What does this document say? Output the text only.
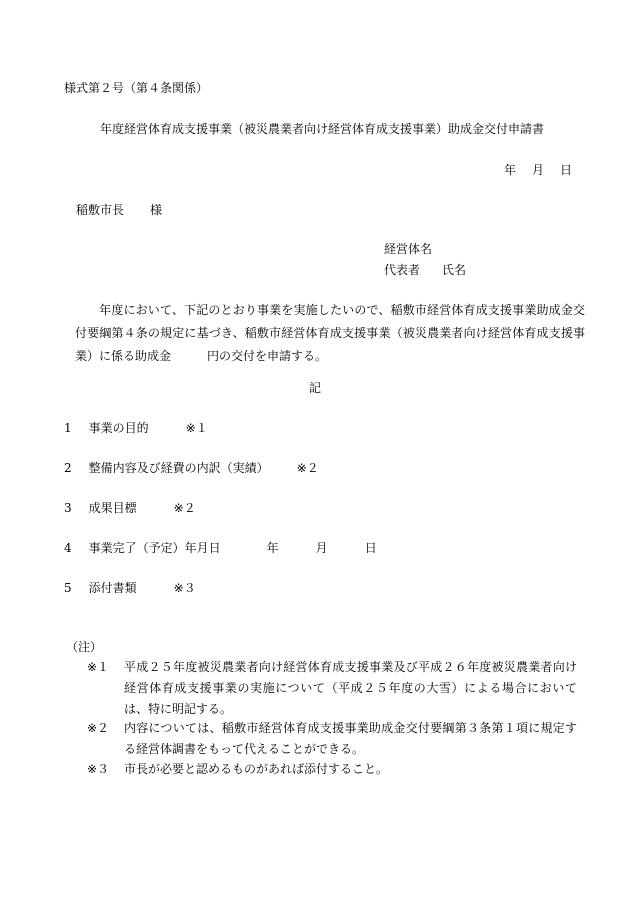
様式第２号（第４条関係）
年度経営体育成支援事業（被災農業者向け経営体育成支援事業）助成金交付申請書
年 月 日
稲敷市長 様
経営体名
代表者 氏名
年度において、下記のとおり事業を実施したいので、稲敷市経営体育成支援事業助成金交付要綱第４条の規定に基づき、稲敷市経営体育成支援事業（被災農業者向け経営体育成支援事業）に係る助成金	円の交付を申請する。
記
1 事業の目的	※１
2 整備内容及び経費の内訳（実績） ※２
3 成果目標	※２
4 事業完了（予定）年月日	年	月	日
5 添付書類	※３
（注）
※１ 平成２５年度被災農業者向け経営体育成支援事業及び平成２６年度被災農業者向け経営体育成支援事業の実施について（平成２５年度の大雪）による場合においては、特に明記する。
※２ 内容については、稲敷市経営体育成支援事業助成金交付要綱第３条第１項に規定する経営体調書をもって代えることができる。
※３ 市長が必要と認めるものがあれば添付すること。
